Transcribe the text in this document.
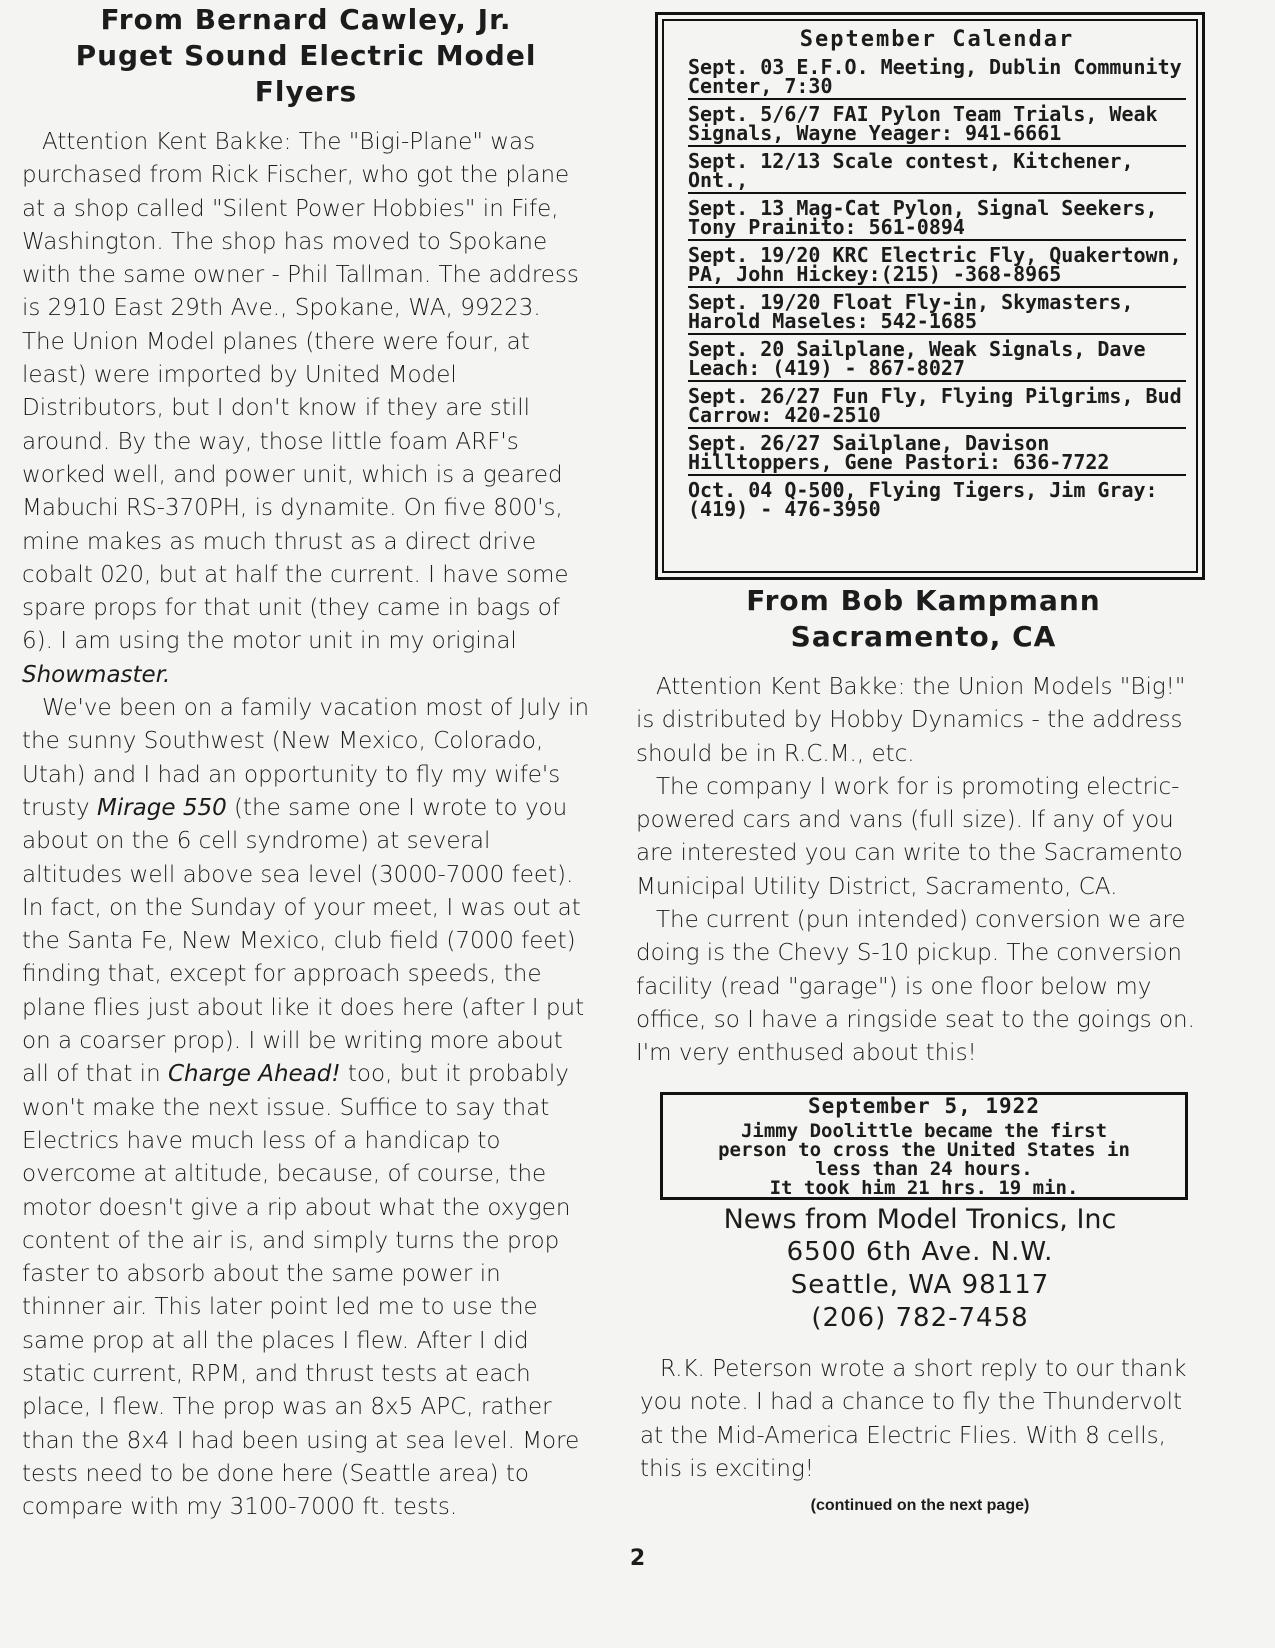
From Bernard Cawley, Jr.
Puget Sound Electric Model Flyers

Attention Kent Bakke: The "Bigi-Plane" was purchased from Rick Fischer, who got the plane at a shop called "Silent Power Hobbies" in Fife, Washington. The shop has moved to Spokane with the same owner - Phil Tallman. The address is 2910 East 29th Ave., Spokane, WA, 99223. The Union Model planes (there were four, at least) were imported by United Model Distributors, but I don't know if they are still around. By the way, those little foam ARF's worked well, and power unit, which is a geared Mabuchi RS-370PH, is dynamite. On five 800's, mine makes as much thrust as a direct drive cobalt 020, but at half the current. I have some spare props for that unit (they came in bags of 6). I am using the motor unit in my original Showmaster.

We've been on a family vacation most of July in the sunny Southwest (New Mexico, Colorado, Utah) and I had an opportunity to fly my wife's trusty Mirage 550 (the same one I wrote to you about on the 6 cell syndrome) at several altitudes well above sea level (3000-7000 feet). In fact, on the Sunday of your meet, I was out at the Santa Fe, New Mexico, club field (7000 feet) finding that, except for approach speeds, the plane flies just about like it does here (after I put on a coarser prop). I will be writing more about all of that in Charge Ahead! too, but it probably won't make the next issue. Suffice to say that Electrics have much less of a handicap to overcome at altitude, because, of course, the motor doesn't give a rip about what the oxygen content of the air is, and simply turns the prop faster to absorb about the same power in thinner air. This later point led me to use the same prop at all the places I flew. After I did static current, RPM, and thrust tests at each place, I flew. The prop was an 8x5 APC, rather than the 8x4 I had been using at sea level. More tests need to be done here (Seattle area) to compare with my 3100-7000 ft. tests.

September Calendar
Sept. 03 E.F.O. Meeting, Dublin Community Center, 7:30
Sept. 5/6/7 FAI Pylon Team Trials, Weak Signals, Wayne Yeager: 941-6661
Sept. 12/13 Scale contest, Kitchener, Ont.,
Sept. 13 Mag-Cat Pylon, Signal Seekers, Tony Prainito: 561-0894
Sept. 19/20 KRC Electric Fly, Quakertown, PA, John Hickey:(215) -368-8965
Sept. 19/20 Float Fly-in, Skymasters, Harold Maseles: 542-1685
Sept. 20 Sailplane, Weak Signals, Dave Leach: (419) - 867-8027
Sept. 26/27 Fun Fly, Flying Pilgrims, Bud Carrow: 420-2510
Sept. 26/27 Sailplane, Davison Hilltoppers, Gene Pastori: 636-7722
Oct. 04 Q-500, Flying Tigers, Jim Gray: (419) - 476-3950
From Bob Kampmann
Sacramento, CA

Attention Kent Bakke: the Union Models "Big!" is distributed by Hobby Dynamics - the address should be in R.C.M., etc.

The company I work for is promoting electric-powered cars and vans (full size). If any of you are interested you can write to the Sacramento Municipal Utility District, Sacramento, CA.

The current (pun intended) conversion we are doing is the Chevy S-10 pickup. The conversion facility (read "garage") is one floor below my office, so I have a ringside seat to the goings on. I'm very enthused about this!

September 5, 1922
Jimmy Doolittle became the first
person to cross the United States in
less than 24 hours.
It took him 21 hrs. 19 min.
News from Model Tronics, Inc
6500 6th Ave. N.W.
Seattle, WA 98117
(206) 782-7458

R.K. Peterson wrote a short reply to our thank you note. I had a chance to fly the Thundervolt at the Mid-America Electric Flies. With 8 cells, this is exciting!

(continued on the next page)
2
